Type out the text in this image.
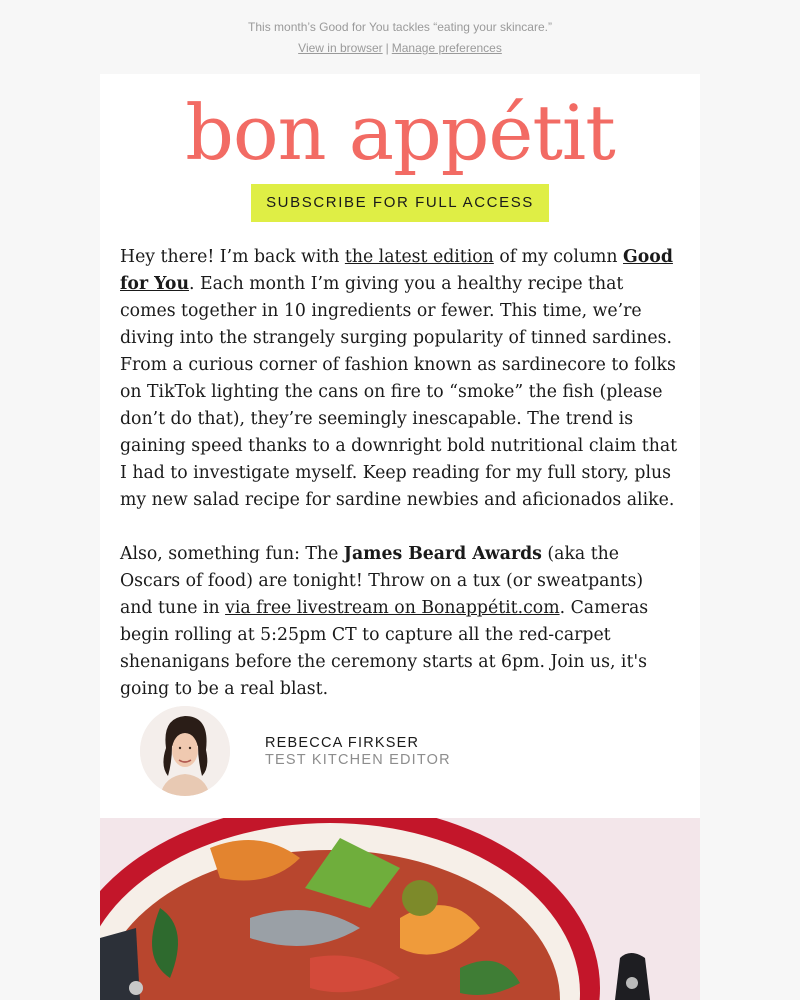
This month’s Good for You tackles “eating your skincare.”
View in browser | Manage preferences
bon appétit
SUBSCRIBE FOR FULL ACCESS

Hey there! I’m back with the latest edition of my column Good for You. Each month I’m giving you a healthy recipe that comes together in 10 ingredients or fewer. This time, we’re diving into the strangely surging popularity of tinned sardines. From a curious corner of fashion known as sardinecore to folks on TikTok lighting the cans on fire to “smoke” the fish (please don’t do that), they’re seemingly inescapable. The trend is gaining speed thanks to a downright bold nutritional claim that I had to investigate myself. Keep reading for my full story, plus my new salad recipe for sardine newbies and aficionados alike.

Also, something fun: The James Beard Awards (aka the Oscars of food) are tonight! Throw on a tux (or sweatpants) and tune in via free livestream on Bonappétit.com. Cameras begin rolling at 5:25pm CT to capture all the red-carpet shenanigans before the ceremony starts at 6pm. Join us, it's going to be a real blast.

REBECCA FIRKSER
TEST KITCHEN EDITOR
